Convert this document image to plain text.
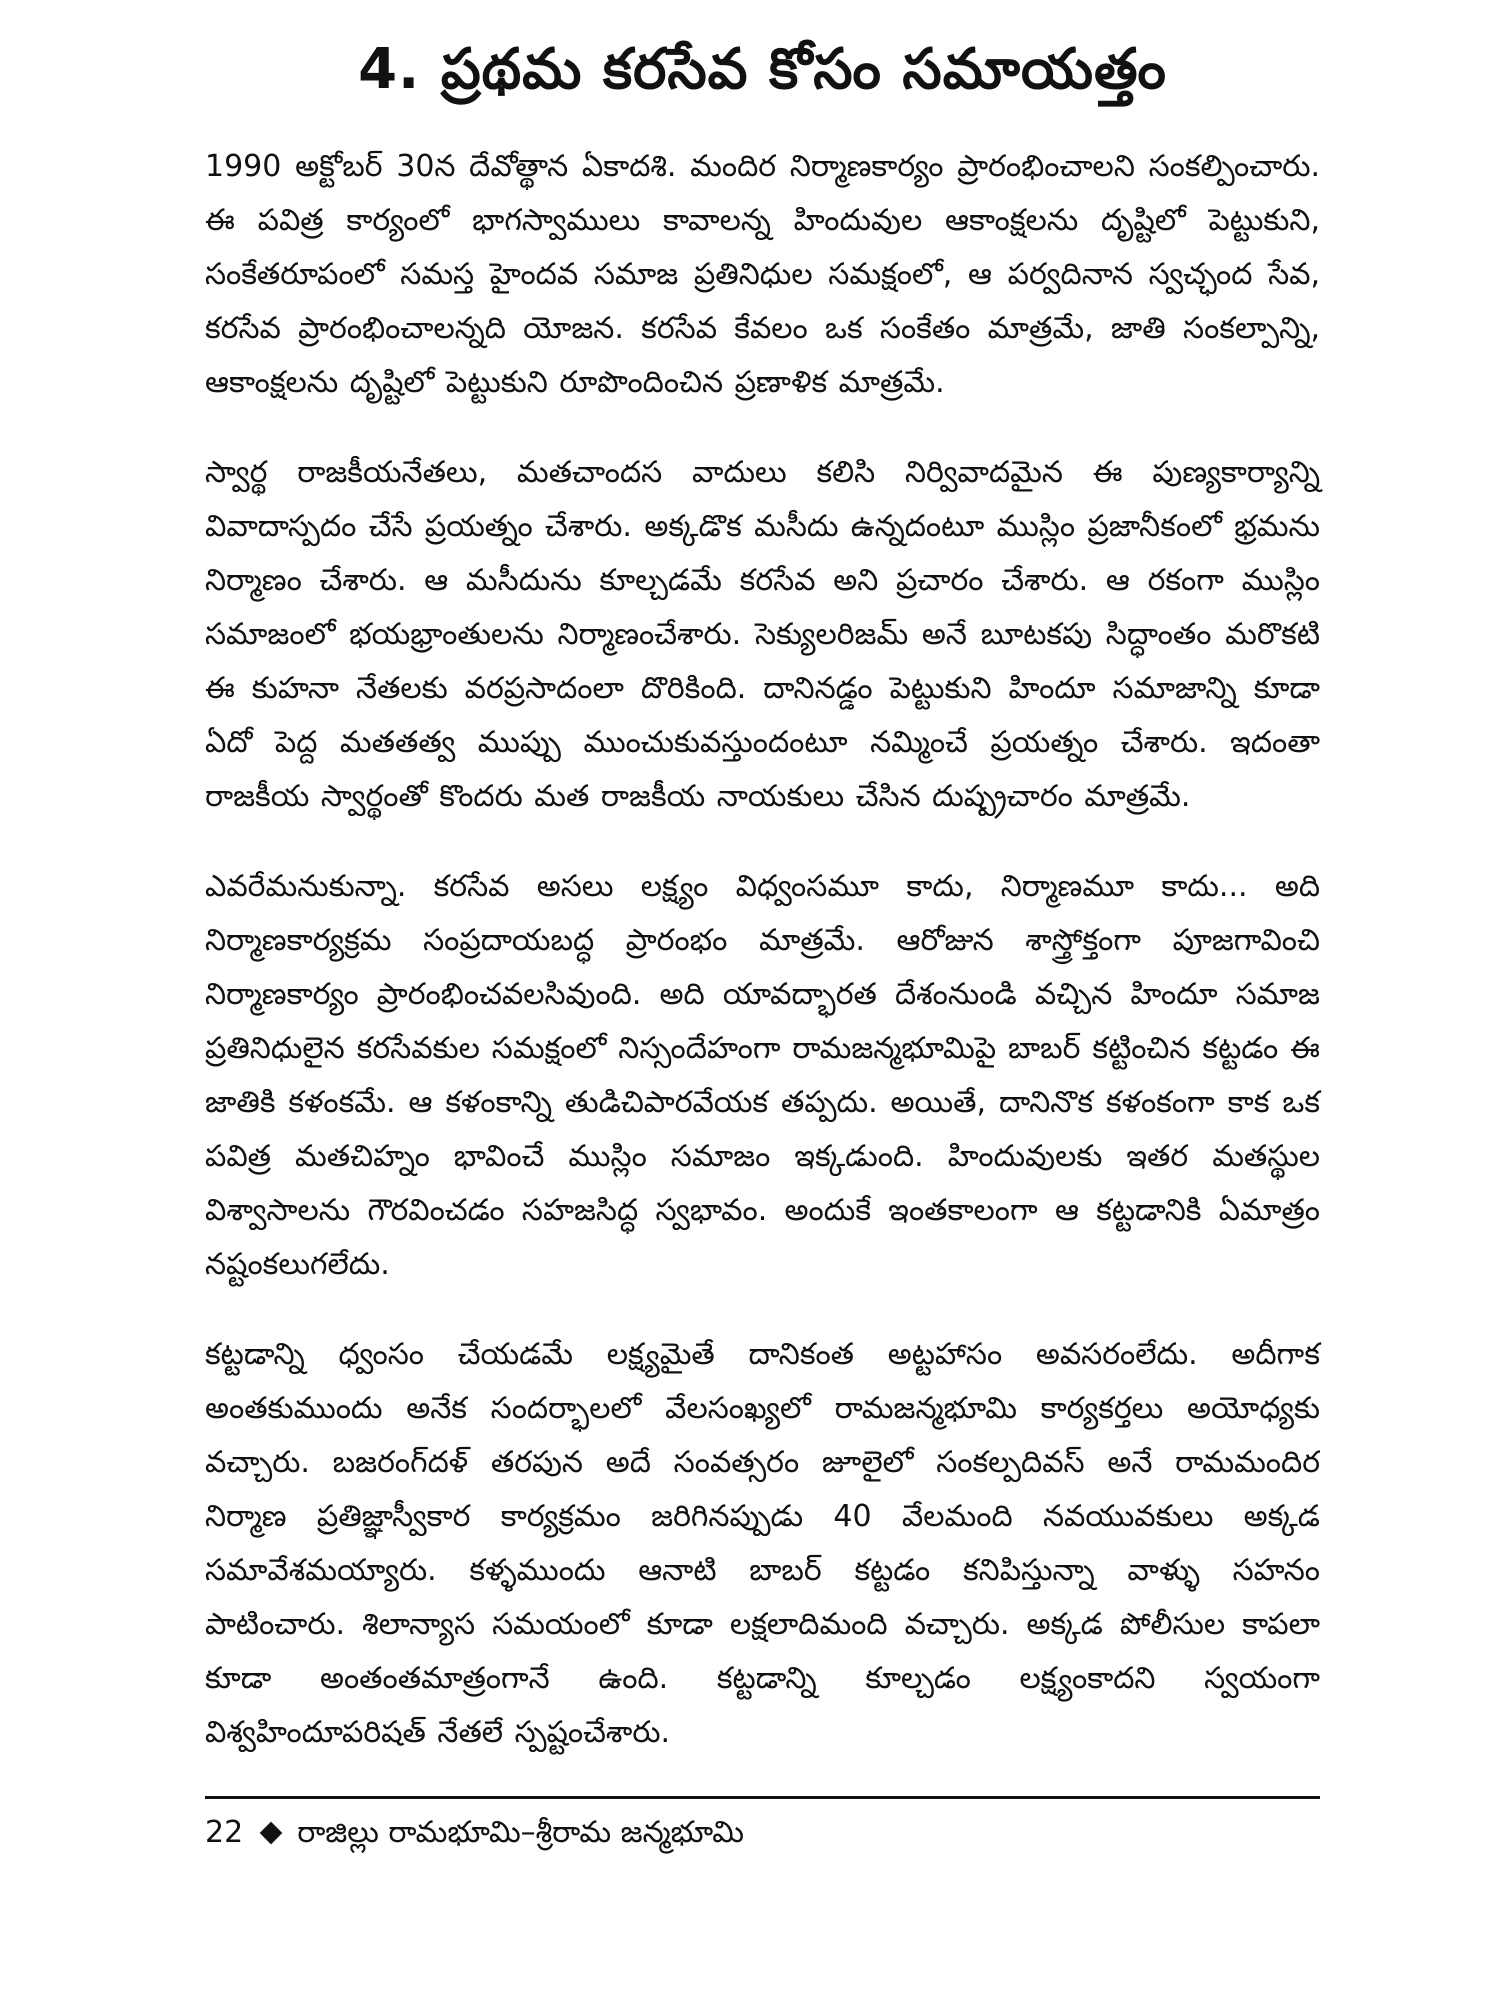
4. ప్రథమ కరసేవ కోసం సమాయత్తం

1990 అక్టోబర్ 30న దేవోత్థాన ఏకాదశి. మందిర నిర్మాణకార్యం ప్రారంభించాలని సంకల్పించారు. ఈ పవిత్ర కార్యంలో భాగస్వాములు కావాలన్న హిందువుల ఆకాంక్షలను దృష్టిలో పెట్టుకుని, సంకేతరూపంలో సమస్త హైందవ సమాజ ప్రతినిధుల సమక్షంలో, ఆ పర్వదినాన స్వచ్ఛంద సేవ, కరసేవ ప్రారంభించాలన్నది యోజన. కరసేవ కేవలం ఒక సంకేతం మాత్రమే, జాతి సంకల్పాన్ని, ఆకాంక్షలను దృష్టిలో పెట్టుకుని రూపొందించిన ప్రణాళిక మాత్రమే.

స్వార్థ రాజకీయనేతలు, మతచాందస వాదులు కలిసి నిర్వివాదమైన ఈ పుణ్యకార్యాన్ని వివాదాస్పదం చేసే ప్రయత్నం చేశారు. అక్కడొక మసీదు ఉన్నదంటూ ముస్లిం ప్రజానీకంలో భ్రమను నిర్మాణం చేశారు. ఆ మసీదును కూల్చడమే కరసేవ అని ప్రచారం చేశారు. ఆ రకంగా ముస్లిం సమాజంలో భయభ్రాంతులను నిర్మాణంచేశారు. సెక్యులరిజమ్ అనే బూటకపు సిద్ధాంతం మరొకటి ఈ కుహనా నేతలకు వరప్రసాదంలా దొరికింది. దానినడ్డం పెట్టుకుని హిందూ సమాజాన్ని కూడా ఏదో పెద్ద మతతత్వ ముప్పు ముంచుకువస్తుందంటూ నమ్మించే ప్రయత్నం చేశారు. ఇదంతా రాజకీయ స్వార్థంతో కొందరు మత రాజకీయ నాయకులు చేసిన దుష్ప్రచారం మాత్రమే.

ఎవరేమనుకున్నా. కరసేవ అసలు లక్ష్యం విధ్వంసమూ కాదు, నిర్మాణమూ కాదు... అది నిర్మాణకార్యక్రమ సంప్రదాయబద్ధ ప్రారంభం మాత్రమే. ఆరోజున శాస్త్రోక్తంగా పూజగావించి నిర్మాణకార్యం ప్రారంభించవలసివుంది. అది యావద్భారత దేశంనుండి వచ్చిన హిందూ సమాజ ప్రతినిధులైన కరసేవకుల సమక్షంలో నిస్సందేహంగా రామజన్మభూమిపై బాబర్ కట్టించిన కట్టడం ఈ జాతికి కళంకమే. ఆ కళంకాన్ని తుడిచిపారవేయక తప్పదు. అయితే, దానినొక కళంకంగా కాక ఒక పవిత్ర మతచిహ్నం భావించే ముస్లిం సమాజం ఇక్కడుంది. హిందువులకు ఇతర మతస్థుల విశ్వాసాలను గౌరవించడం సహజసిద్ధ స్వభావం. అందుకే ఇంతకాలంగా ఆ కట్టడానికి ఏమాత్రం నష్టంకలుగలేదు.

కట్టడాన్ని ధ్వంసం చేయడమే లక్ష్యమైతే దానికంత అట్టహాసం అవసరంలేదు. అదీగాక అంతకుముందు అనేక సందర్భాలలో వేలసంఖ్యలో రామజన్మభూమి కార్యకర్తలు అయోధ్యకు వచ్చారు. బజరంగ్‌దళ్ తరపున అదే సంవత్సరం జూలైలో సంకల్పదివస్ అనే రామమందిర నిర్మాణ ప్రతిజ్ఞాస్వీకార కార్యక్రమం జరిగినప్పుడు 40 వేలమంది నవయువకులు అక్కడ సమావేశమయ్యారు. కళ్ళముందు ఆనాటి బాబర్ కట్టడం కనిపిస్తున్నా వాళ్ళు సహనం పాటించారు. శిలాన్యాస సమయంలో కూడా లక్షలాదిమంది వచ్చారు. అక్కడ పోలీసుల కాపలా కూడా అంతంతమాత్రంగానే ఉంది. కట్టడాన్ని కూల్చడం లక్ష్యంకాదని స్వయంగా విశ్వహిందూపరిషత్ నేతలే స్పష్టంచేశారు.

22 రాజిల్లు రామభూమి–శ్రీరామ జన్మభూమి
